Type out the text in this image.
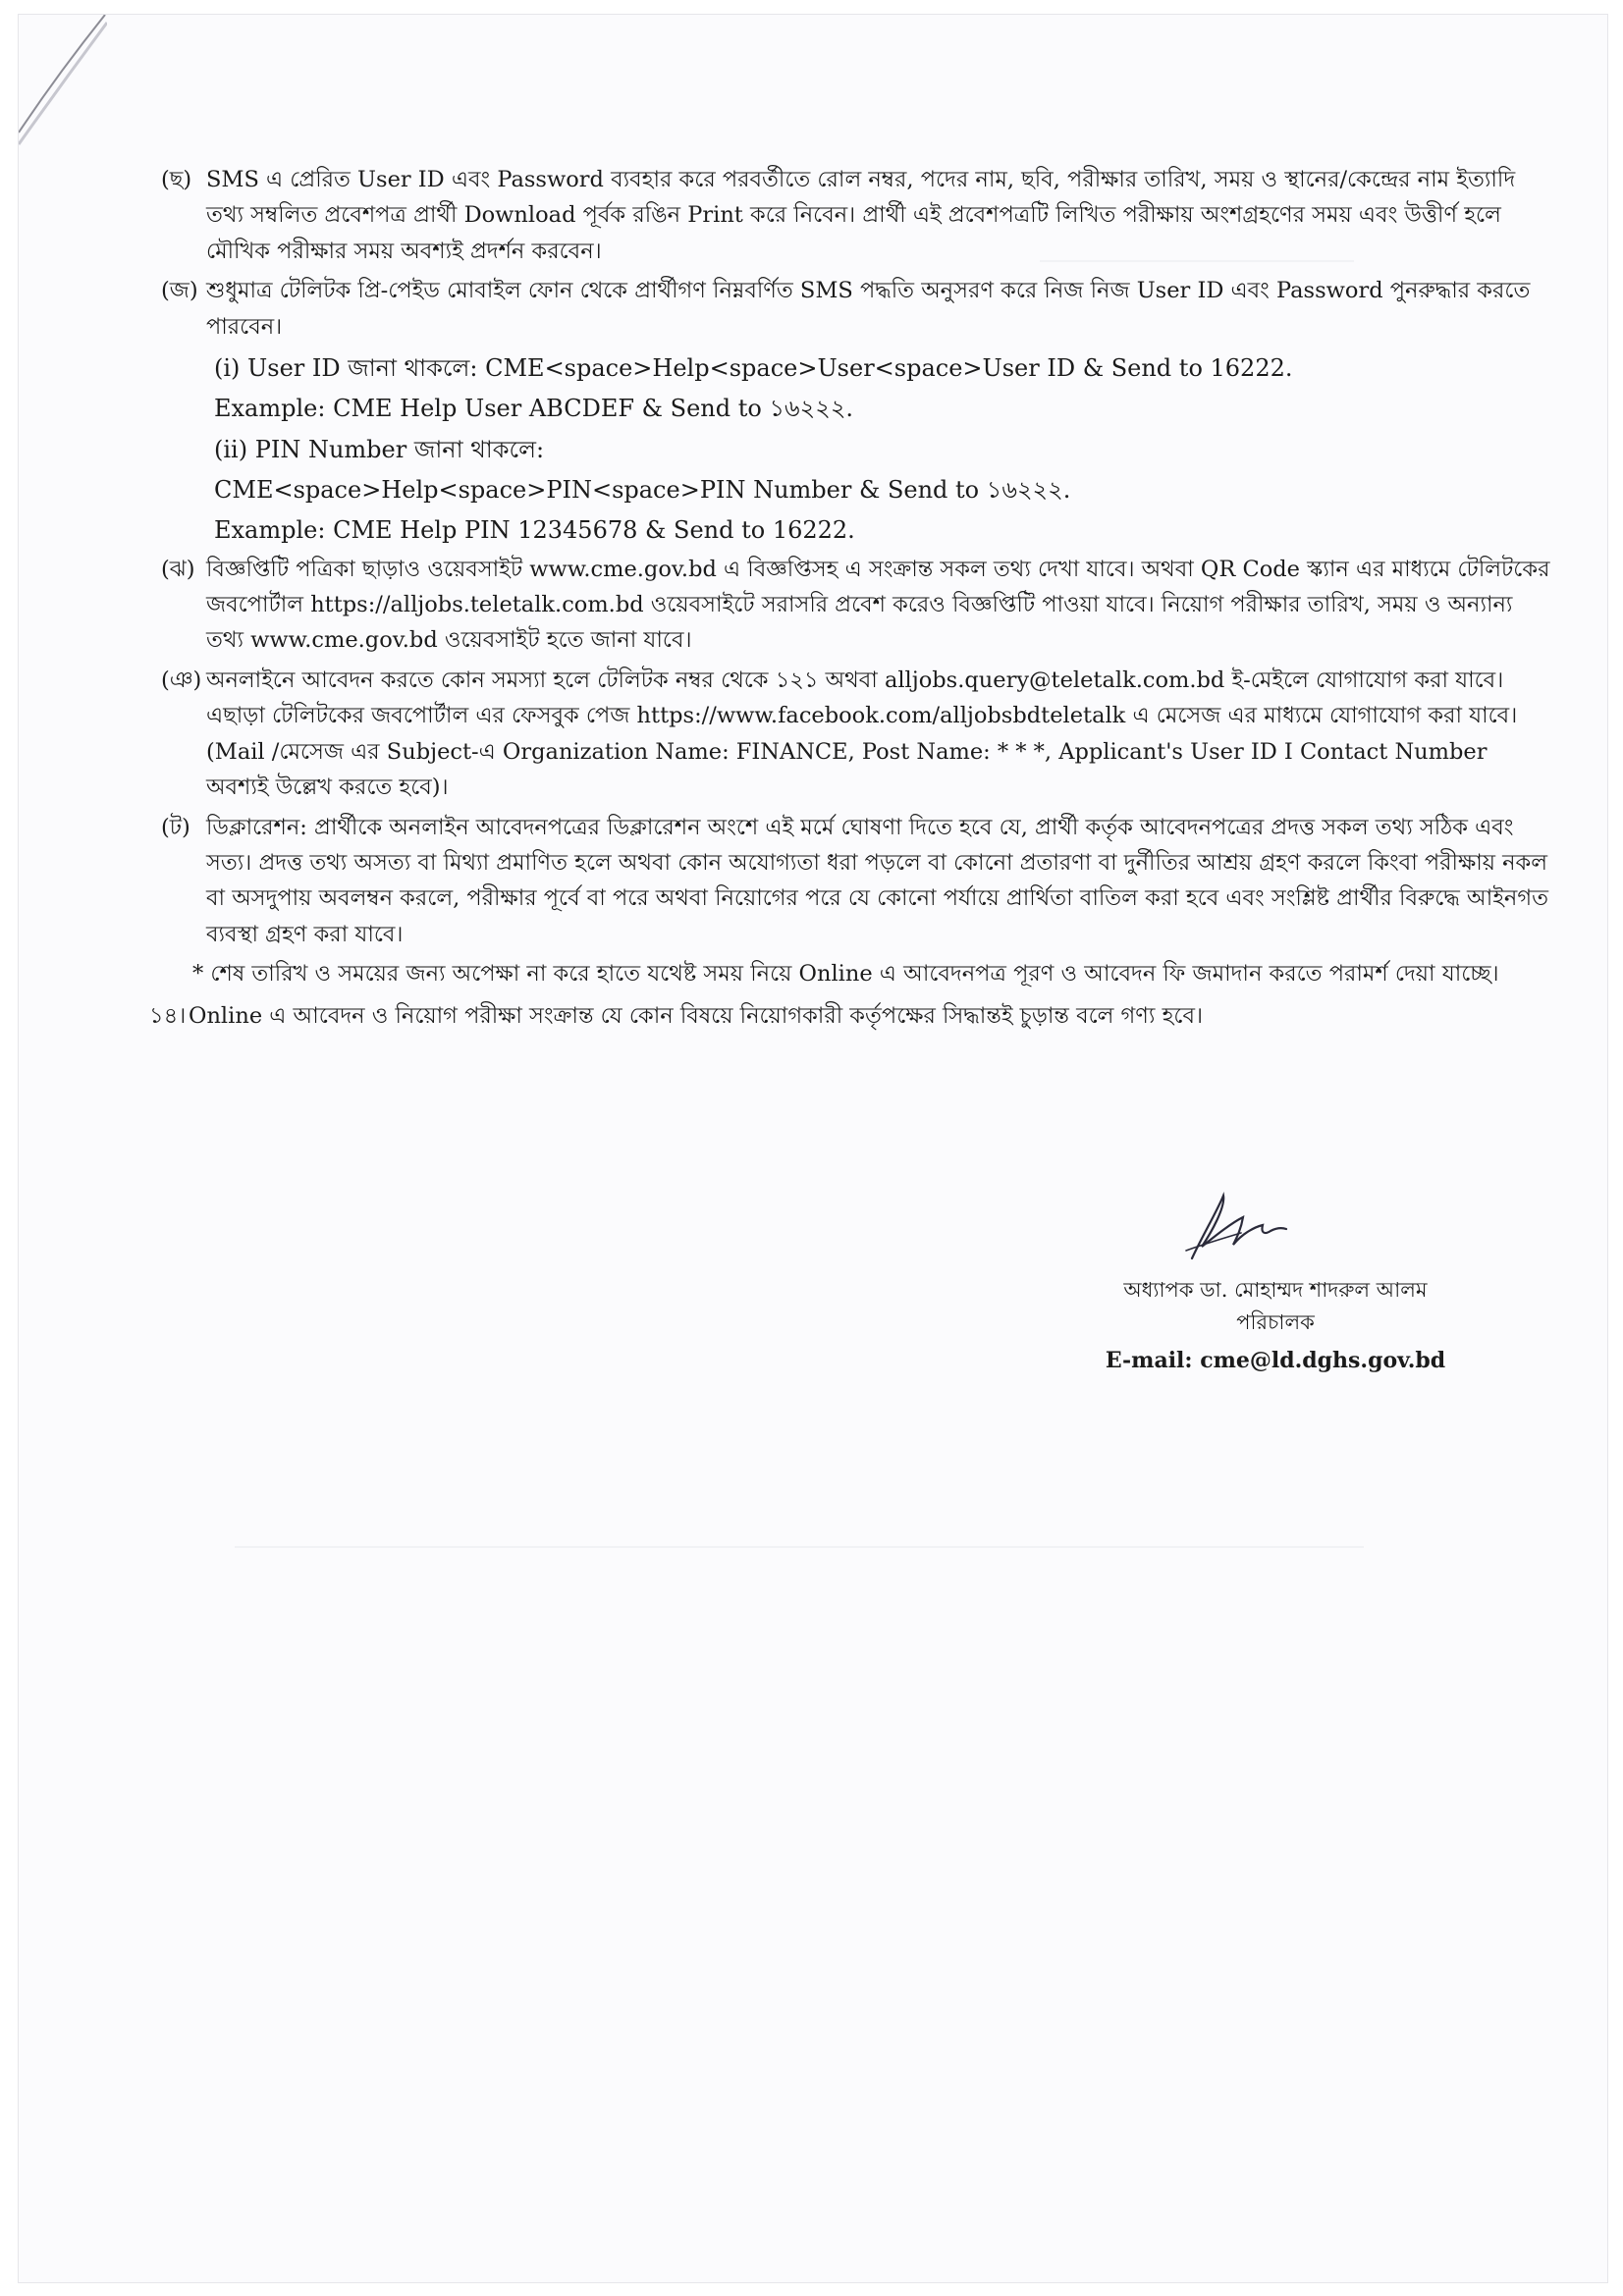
(ছ) SMS এ প্রেরিত User ID এবং Password ব্যবহার করে পরবর্তীতে রোল নম্বর, পদের নাম, ছবি, পরীক্ষার তারিখ, সময় ও স্থানের/কেন্দ্রের নাম ইত্যাদি তথ্য সম্বলিত প্রবেশপত্র প্রার্থী Download পূর্বক রঙিন Print করে নিবেন। প্রার্থী এই প্রবেশপত্রটি লিখিত পরীক্ষায় অংশগ্রহণের সময় এবং উত্তীর্ণ হলে মৌখিক পরীক্ষার সময় অবশ্যই প্রদর্শন করবেন।
(জ) শুধুমাত্র টেলিটক প্রি-পেইড মোবাইল ফোন থেকে প্রার্থীগণ নিম্নবর্ণিত SMS পদ্ধতি অনুসরণ করে নিজ নিজ User ID এবং Password পুনরুদ্ধার করতে পারবেন।
(i) User ID জানা থাকলে: CME<space>Help<space>User<space>User ID & Send to 16222.
Example: CME Help User ABCDEF & Send to ১৬২২২.
(ii) PIN Number জানা থাকলে:
CME<space>Help<space>PIN<space>PIN Number & Send to ১৬২২২.
Example: CME Help PIN 12345678 & Send to 16222.
(ঝ) বিজ্ঞপ্তিটি পত্রিকা ছাড়াও ওয়েবসাইট www.cme.gov.bd এ বিজ্ঞপ্তিসহ এ সংক্রান্ত সকল তথ্য দেখা যাবে। অথবা QR Code স্ক্যান এর মাধ্যমে টেলিটকের জবপোর্টাল https://alljobs.teletalk.com.bd ওয়েবসাইটে সরাসরি প্রবেশ করেও বিজ্ঞপ্তিটি পাওয়া যাবে। নিয়োগ পরীক্ষার তারিখ, সময় ও অন্যান্য তথ্য www.cme.gov.bd ওয়েবসাইট হতে জানা যাবে।
(ঞ) অনলাইনে আবেদন করতে কোন সমস্যা হলে টেলিটক নম্বর থেকে ১২১ অথবা alljobs.query@teletalk.com.bd ই-মেইলে যোগাযোগ করা যাবে। এছাড়া টেলিটকের জবপোর্টাল এর ফেসবুক পেজ https://www.facebook.com/alljobsbdteletalk এ মেসেজ এর মাধ্যমে যোগাযোগ করা যাবে। (Mail /মেসেজ এর Subject-এ Organization Name: FINANCE, Post Name: * * *, Applicant's User ID I Contact Number অবশ্যই উল্লেখ করতে হবে)।
(ট) ডিক্লারেশন: প্রার্থীকে অনলাইন আবেদনপত্রের ডিক্লারেশন অংশে এই মর্মে ঘোষণা দিতে হবে যে, প্রার্থী কর্তৃক আবেদনপত্রের প্রদত্ত সকল তথ্য সঠিক এবং সত্য। প্রদত্ত তথ্য অসত্য বা মিথ্যা প্রমাণিত হলে অথবা কোন অযোগ্যতা ধরা পড়লে বা কোনো প্রতারণা বা দুর্নীতির আশ্রয় গ্রহণ করলে কিংবা পরীক্ষায় নকল বা অসদুপায় অবলম্বন করলে, পরীক্ষার পূর্বে বা পরে অথবা নিয়োগের পরে যে কোনো পর্যায়ে প্রার্থিতা বাতিল করা হবে এবং সংশ্লিষ্ট প্রার্থীর বিরুদ্ধে আইনগত ব্যবস্থা গ্রহণ করা যাবে।
* শেষ তারিখ ও সময়ের জন্য অপেক্ষা না করে হাতে যথেষ্ট সময় নিয়ে Online এ আবেদনপত্র পূরণ ও আবেদন ফি জমাদান করতে পরামর্শ দেয়া যাচ্ছে।
১৪। Online এ আবেদন ও নিয়োগ পরীক্ষা সংক্রান্ত যে কোন বিষয়ে নিয়োগকারী কর্তৃপক্ষের সিদ্ধান্তই চুড়ান্ত বলে গণ্য হবে।
অধ্যাপক ডা. মোহাম্মদ শাদরুল আলম
পরিচালক
E-mail: cme@ld.dghs.gov.bd
